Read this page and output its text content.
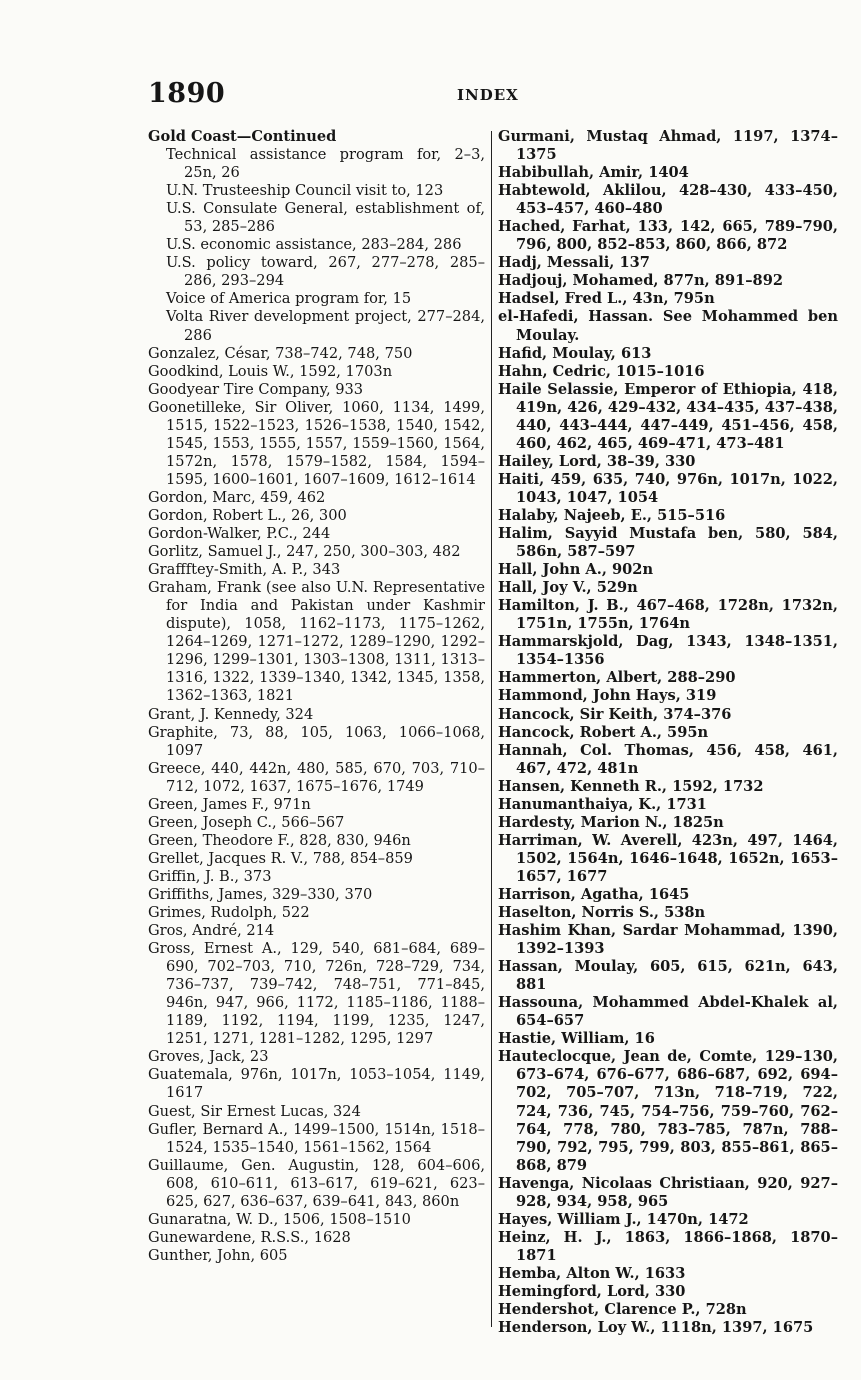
1890	INDEX

Gold Coast—Continued

Technical assistance program for, 2–3, 25n, 26

U.N. Trusteeship Council visit to, 123

U.S. Consulate General, establishment of, 53, 285–286

U.S. economic assistance, 283–284, 286

U.S. policy toward, 267, 277–278, 285–286, 293–294

Voice of America program for, 15

Volta River development project, 277–284, 286

Gonzalez, César, 738–742, 748, 750

Goodkind, Louis W., 1592, 1703n

Goodyear Tire Company, 933

Goonetilleke, Sir Oliver, 1060, 1134, 1499, 1515, 1522–1523, 1526–1538, 1540, 1542, 1545, 1553, 1555, 1557, 1559–1560, 1564, 1572n, 1578, 1579–1582, 1584, 1594–1595, 1600–1601, 1607–1609, 1612–1614

Gordon, Marc, 459, 462

Gordon, Robert L., 26, 300

Gordon-Walker, P.C., 244

Gorlitz, Samuel J., 247, 250, 300–303, 482

Graffftey-Smith, A. P., 343

Graham, Frank (see also U.N. Representative for India and Pakistan under Kashmir dispute), 1058, 1162–1173, 1175–1262, 1264–1269, 1271–1272, 1289–1290, 1292–1296, 1299–1301, 1303–1308, 1311, 1313–1316, 1322, 1339–1340, 1342, 1345, 1358, 1362–1363, 1821

Grant, J. Kennedy, 324

Graphite, 73, 88, 105, 1063, 1066–1068, 1097

Greece, 440, 442n, 480, 585, 670, 703, 710–712, 1072, 1637, 1675–1676, 1749

Green, James F., 971n

Green, Joseph C., 566–567

Green, Theodore F., 828, 830, 946n

Grellet, Jacques R. V., 788, 854–859

Griffin, J. B., 373

Griffiths, James, 329–330, 370

Grimes, Rudolph, 522

Gros, André, 214

Gross, Ernest A., 129, 540, 681–684, 689–690, 702–703, 710, 726n, 728–729, 734, 736–737, 739–742, 748–751, 771–845, 946n, 947, 966, 1172, 1185–1186, 1188–1189, 1192, 1194, 1199, 1235, 1247, 1251, 1271, 1281–1282, 1295, 1297

Groves, Jack, 23

Guatemala, 976n, 1017n, 1053–1054, 1149, 1617

Guest, Sir Ernest Lucas, 324

Gufler, Bernard A., 1499–1500, 1514n, 1518–1524, 1535–1540, 1561–1562, 1564

Guillaume, Gen. Augustin, 128, 604–606, 608, 610–611, 613–617, 619–621, 623–625, 627, 636–637, 639–641, 843, 860n

Gunaratna, W. D., 1506, 1508–1510

Gunewardene, R.S.S., 1628

Gunther, John, 605

Gurmani, Mustaq Ahmad, 1197, 1374–1375

Habibullah, Amir, 1404

Habtewold, Aklilou, 428–430, 433–450, 453–457, 460–480

Hached, Farhat, 133, 142, 665, 789–790, 796, 800, 852–853, 860, 866, 872

Hadj, Messali, 137

Hadjouj, Mohamed, 877n, 891–892

Hadsel, Fred L., 43n, 795n

el-Hafedi, Hassan. See Mohammed ben Moulay.

Hafid, Moulay, 613

Hahn, Cedric, 1015–1016

Haile Selassie, Emperor of Ethiopia, 418, 419n, 426, 429–432, 434–435, 437–438, 440, 443–444, 447–449, 451–456, 458, 460, 462, 465, 469–471, 473–481

Hailey, Lord, 38–39, 330

Haiti, 459, 635, 740, 976n, 1017n, 1022, 1043, 1047, 1054

Halaby, Najeeb, E., 515–516

Halim, Sayyid Mustafa ben, 580, 584, 586n, 587–597

Hall, John A., 902n

Hall, Joy V., 529n

Hamilton, J. B., 467–468, 1728n, 1732n, 1751n, 1755n, 1764n

Hammarskjold, Dag, 1343, 1348–1351, 1354–1356

Hammerton, Albert, 288–290

Hammond, John Hays, 319

Hancock, Sir Keith, 374–376

Hancock, Robert A., 595n

Hannah, Col. Thomas, 456, 458, 461, 467, 472, 481n

Hansen, Kenneth R., 1592, 1732

Hanumanthaiya, K., 1731

Hardesty, Marion N., 1825n

Harriman, W. Averell, 423n, 497, 1464, 1502, 1564n, 1646–1648, 1652n, 1653–1657, 1677

Harrison, Agatha, 1645

Haselton, Norris S., 538n

Hashim Khan, Sardar Mohammad, 1390, 1392–1393

Hassan, Moulay, 605, 615, 621n, 643, 881

Hassouna, Mohammed Abdel-Khalek al, 654–657

Hastie, William, 16

Hauteclocque, Jean de, Comte, 129–130, 673–674, 676–677, 686–687, 692, 694–702, 705–707, 713n, 718–719, 722, 724, 736, 745, 754–756, 759–760, 762–764, 778, 780, 783–785, 787n, 788–790, 792, 795, 799, 803, 855–861, 865–868, 879

Havenga, Nicolaas Christiaan, 920, 927–928, 934, 958, 965

Hayes, William J., 1470n, 1472

Heinz, H. J., 1863, 1866–1868, 1870–1871

Hemba, Alton W., 1633

Hemingford, Lord, 330

Hendershot, Clarence P., 728n

Henderson, Loy W., 1118n, 1397, 1675
